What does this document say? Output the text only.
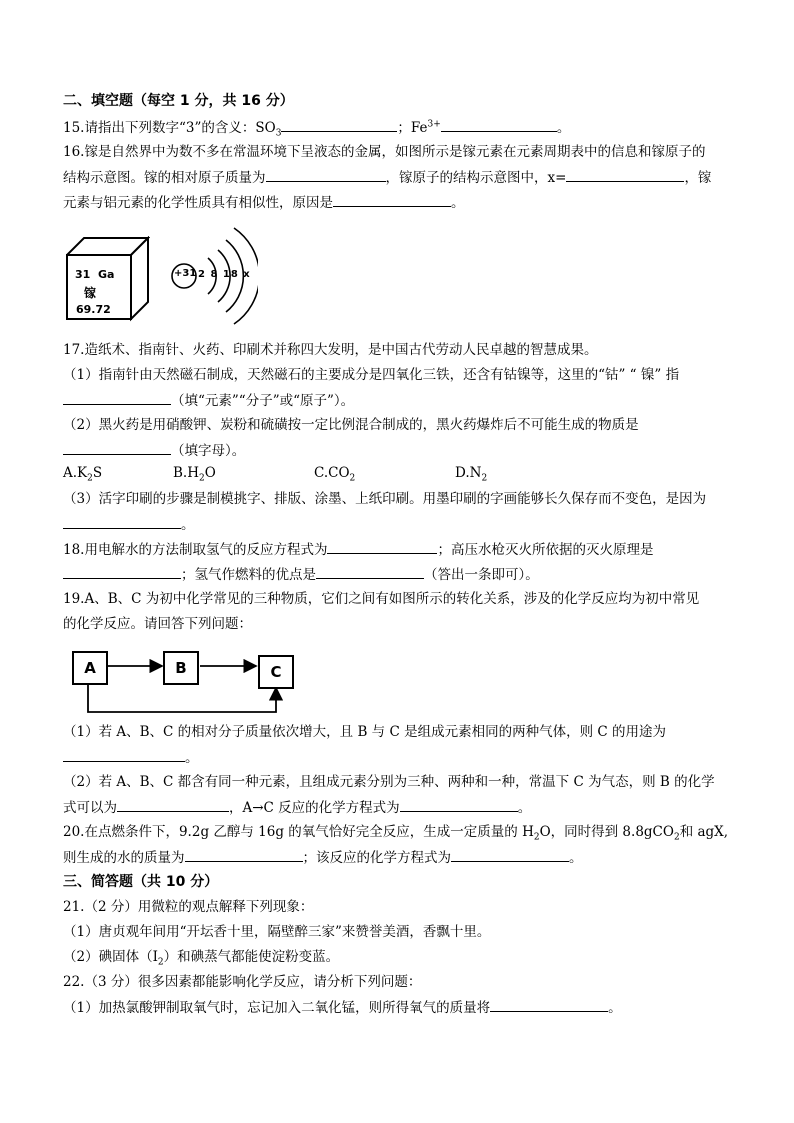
二、填空题（每空 1 分，共 16 分）
15.请指出下列数字“3”的含义：$SO_3$	；$Fe^{3+}$	。
16.镓是自然界中为数不多在常温环境下呈液态的金属，如图所示是镓元素在元素周期表中的信息和镓原子的
结构示意图。镓的相对原子质量为	，镓原子的结构示意图中，x=	，镓
元素与铝元素的化学性质具有相似性，原因是	。
31 Ga
镓
69.72
+31 2 8 18 x
17.造纸术、指南针、火药、印刷术并称四大发明，是中国古代劳动人民卓越的智慧成果。
（1）指南针由天然磁石制成，天然磁石的主要成分是四氧化三铁，还含有钴镍等，这里的“钴” “ 镍” 指
（填“元素”“分子”或“原子”）。
（2）黑火药是用硝酸钾、炭粉和硫磺按一定比例混合制成的，黑火药爆炸后不可能生成的物质是
（填字母）。
$A.K_2S$	$B.H_2O$	$C.CO_2$	$D.N_2$
（3）活字印刷的步骤是制模挑字、排版、涂墨、上纸印刷。用墨印刷的字画能够长久保存而不变色，是因为
。
18.用电解水的方法制取氢气的反应方程式为	；高压水枪灭火所依据的灭火原理是
；氢气作燃料的优点是	（答出一条即可）。
19.A、B、C 为初中化学常见的三种物质，它们之间有如图所示的转化关系，涉及的化学反应均为初中常见
的化学反应。请回答下列问题：
A	B	C
（1）若 A、B、C 的相对分子质量依次增大，且 B 与 C 是组成元素相同的两种气体，则 C 的用途为
。
（2）若 A、B、C 都含有同一种元素，且组成元素分别为三种、两种和一种，常温下 C 为气态，则 B 的化学
式可以为	，A→C 反应的化学方程式为	。
20.在点燃条件下，9.2g 乙醇与 16g 的氧气恰好完全反应，生成一定质量的 $H_2O$，同时得到 8.8gCO$_2$和 agX,
则生成的水的质量为	；该反应的化学方程式为	。
三、简答题（共 10 分）
21.（2 分）用微粒的观点解释下列现象：
（1）唐贞观年间用“开坛香十里，隔壁醉三家”来赞誉美酒，香飘十里。
（2）碘固体$(I_2)$和碘蒸气都能使淀粉变蓝。
22.（3 分）很多因素都能影响化学反应，请分析下列问题：
（1）加热氯酸钾制取氧气时，忘记加入二氧化锰，则所得氧气的质量将	。
